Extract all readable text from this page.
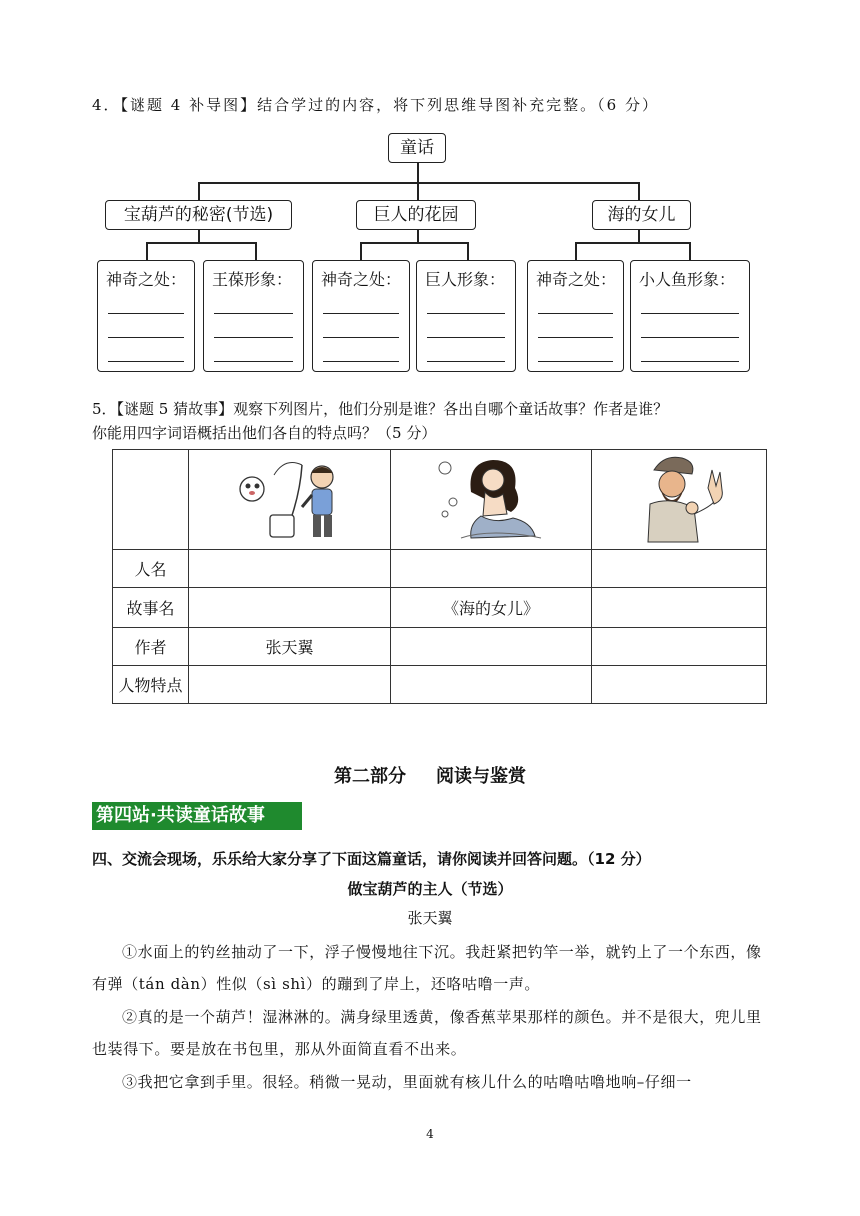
4．【谜题 4 补导图】结合学过的内容，将下列思维导图补充完整。（6 分）
童话
宝葫芦的秘密(节选)	巨人的花园	海的女儿
神奇之处： 王葆形象： 神奇之处： 巨人形象： 神奇之处： 小人鱼形象：
5．【谜题 5 猜故事】观察下列图片，他们分别是谁？各出自哪个童话故事？作者是谁？
你能用四字词语概括出他们各自的特点吗？（5 分）

人名			
故事名		《海的女儿》	
作者	张天翼		
人物特点			
第二部分 阅读与鉴赏
第四站·共读童话故事
四、交流会现场，乐乐给大家分享了下面这篇童话，请你阅读并回答问题。（12 分）
做宝葫芦的主人（节选）
张天翼
①水面上的钓丝抽动了一下，浮子慢慢地往下沉。我赶紧把钓竿一举，就钓上了一个东西，像有弹（tán dàn）性似（sì shì）的蹦到了岸上，还咯咕噜一声。
②真的是一个葫芦！湿淋淋的。满身绿里透黄，像香蕉苹果那样的颜色。并不是很大，兜儿里也装得下。要是放在书包里，那从外面简直看不出来。
③我把它拿到手里。很轻。稍微一晃动，里面就有核儿什么的咕噜咕噜地响–仔细一
4
